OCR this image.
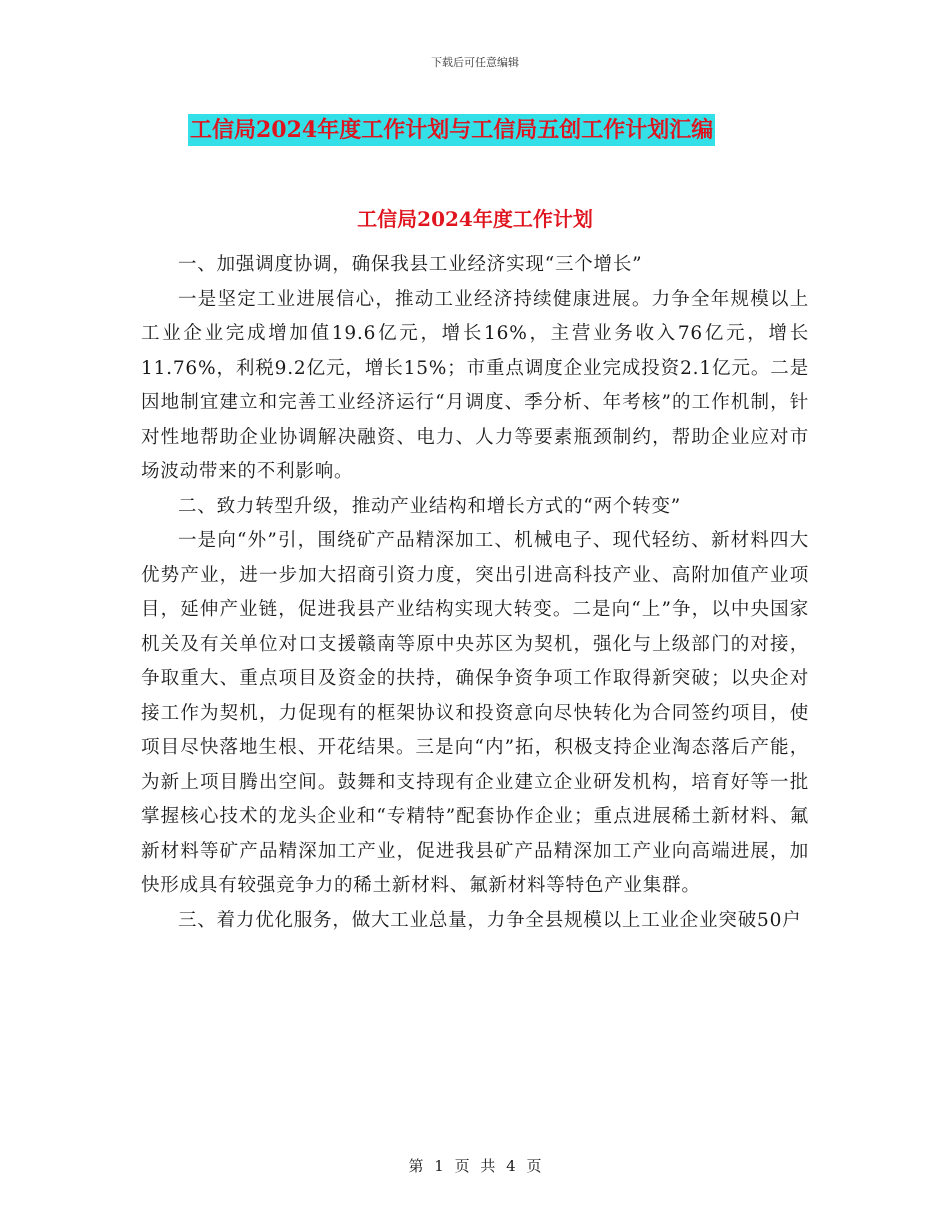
下载后可任意编辑
工信局2024年度工作计划与工信局五创工作计划汇编
工信局2024年度工作计划

一、加强调度协调，确保我县工业经济实现“三个增长”

一是坚定工业进展信心，推动工业经济持续健康进展。力争全年规模以上工业企业完成增加值19.6亿元，增长16%，主营业务收入76亿元，增长11.76%，利税9.2亿元，增长15%；市重点调度企业完成投资2.1亿元。二是因地制宜建立和完善工业经济运行“月调度、季分析、年考核”的工作机制，针对性地帮助企业协调解决融资、电力、人力等要素瓶颈制约，帮助企业应对市场波动带来的不利影响。

二、致力转型升级，推动产业结构和增长方式的“两个转变”

一是向“外”引，围绕矿产品精深加工、机械电子、现代轻纺、新材料四大优势产业，进一步加大招商引资力度，突出引进高科技产业、高附加值产业项目，延伸产业链，促进我县产业结构实现大转变。二是向“上”争，以中央国家机关及有关单位对口支援赣南等原中央苏区为契机，强化与上级部门的对接，争取重大、重点项目及资金的扶持，确保争资争项工作取得新突破；以央企对接工作为契机，力促现有的框架协议和投资意向尽快转化为合同签约项目，使项目尽快落地生根、开花结果。三是向“内”拓，积极支持企业淘态落后产能，为新上项目腾出空间。鼓舞和支持现有企业建立企业研发机构，培育好等一批掌握核心技术的龙头企业和“专精特”配套协作企业；重点进展稀土新材料、氟新材料等矿产品精深加工产业，促进我县矿产品精深加工产业向高端进展，加快形成具有较强竞争力的稀土新材料、氟新材料等特色产业集群。

三、着力优化服务，做大工业总量，力争全县规模以上工业企业突破50户

第 1 页 共 4 页
